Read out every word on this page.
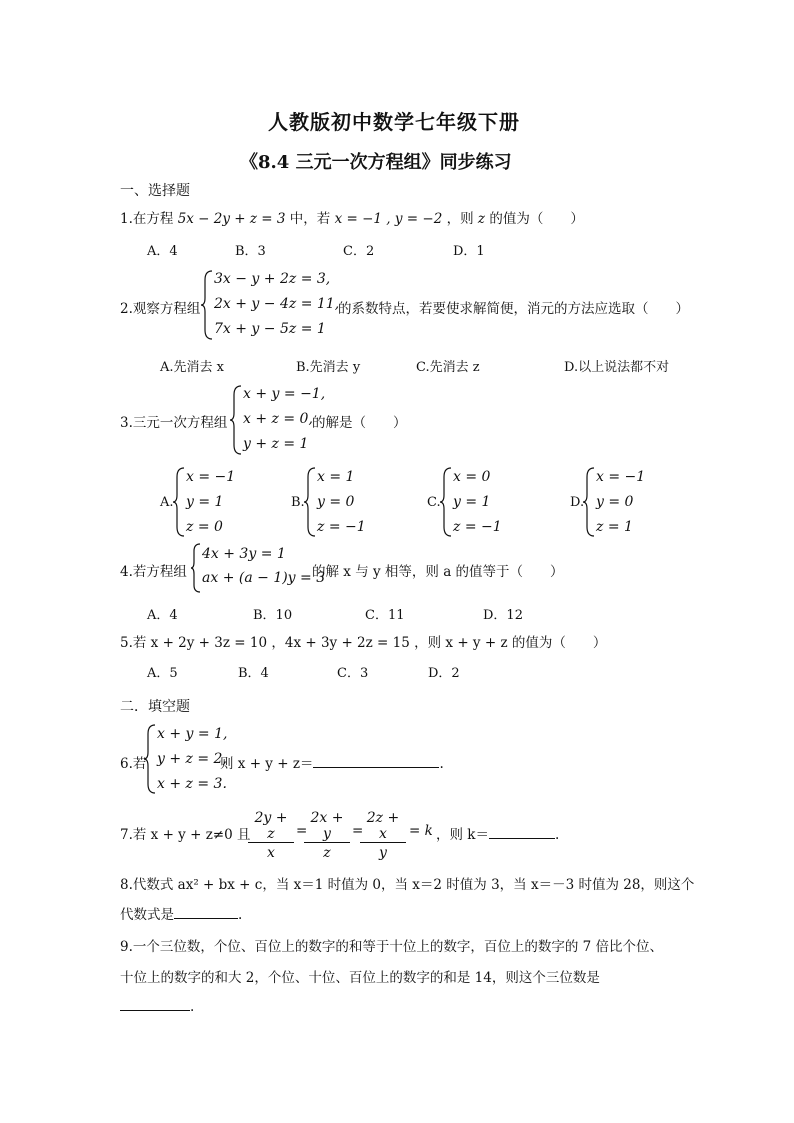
人教版初中数学七年级下册
《8.4 三元一次方程组》同步练习
一、选择题
1.在方程 5x − 2y + z = 3 中，若 x = −1 , y = −2 ，则 z 的值为（　　）
A．4	B．3	C．2	D．1
2.观察方程组
3x − y + 2z = 3,
2x + y − 4z = 11,
7x + y − 5z = 1
的系数特点，若要使求解简便，消元的方法应选取（　　）
A.先消去 x	B.先消去 y	C.先消去 z	D.以上说法都不对
3.三元一次方程组
x + y = −1,
x + z = 0,
y + z = 1
的解是（　　）
A.
x = −1
y = 1
z = 0
B.
x = 1
y = 0
z = −1
C.
x = 0
y = 1
z = −1
D.
x = −1
y = 0
z = 1
4.若方程组
4x + 3y = 1
ax + (a − 1)y = 3
的解 x 与 y 相等，则 a 的值等于（　　）
A．4	B．10	C．11	D．12
5.若 x + 2y + 3z = 10 ，4x + 3y + 2z = 15 ，则 x + y + z 的值为（　　）
A．5	B．4	C．3	D．2
二．填空题
6.若
x + y = 1,
y + z = 2,
x + z = 3.
则 x + y + z＝	.
7.若 x + y + z≠0 且
$\frac{2y + z}{x}$ =
$\frac{2x + y}{z}$ =
$\frac{2z + x}{y} = k$ ，则 k＝	.
8.代数式 ax² + bx + c，当 x＝1 时值为 0，当 x＝2 时值为 3，当 x＝－3 时值为 28，则这个
代数式是	.
9.一个三位数，个位、百位上的数字的和等于十位上的数字，百位上的数字的 7 倍比个位、
十位上的数字的和大 2，个位、十位、百位上的数字的和是 14，则这个三位数是
.
